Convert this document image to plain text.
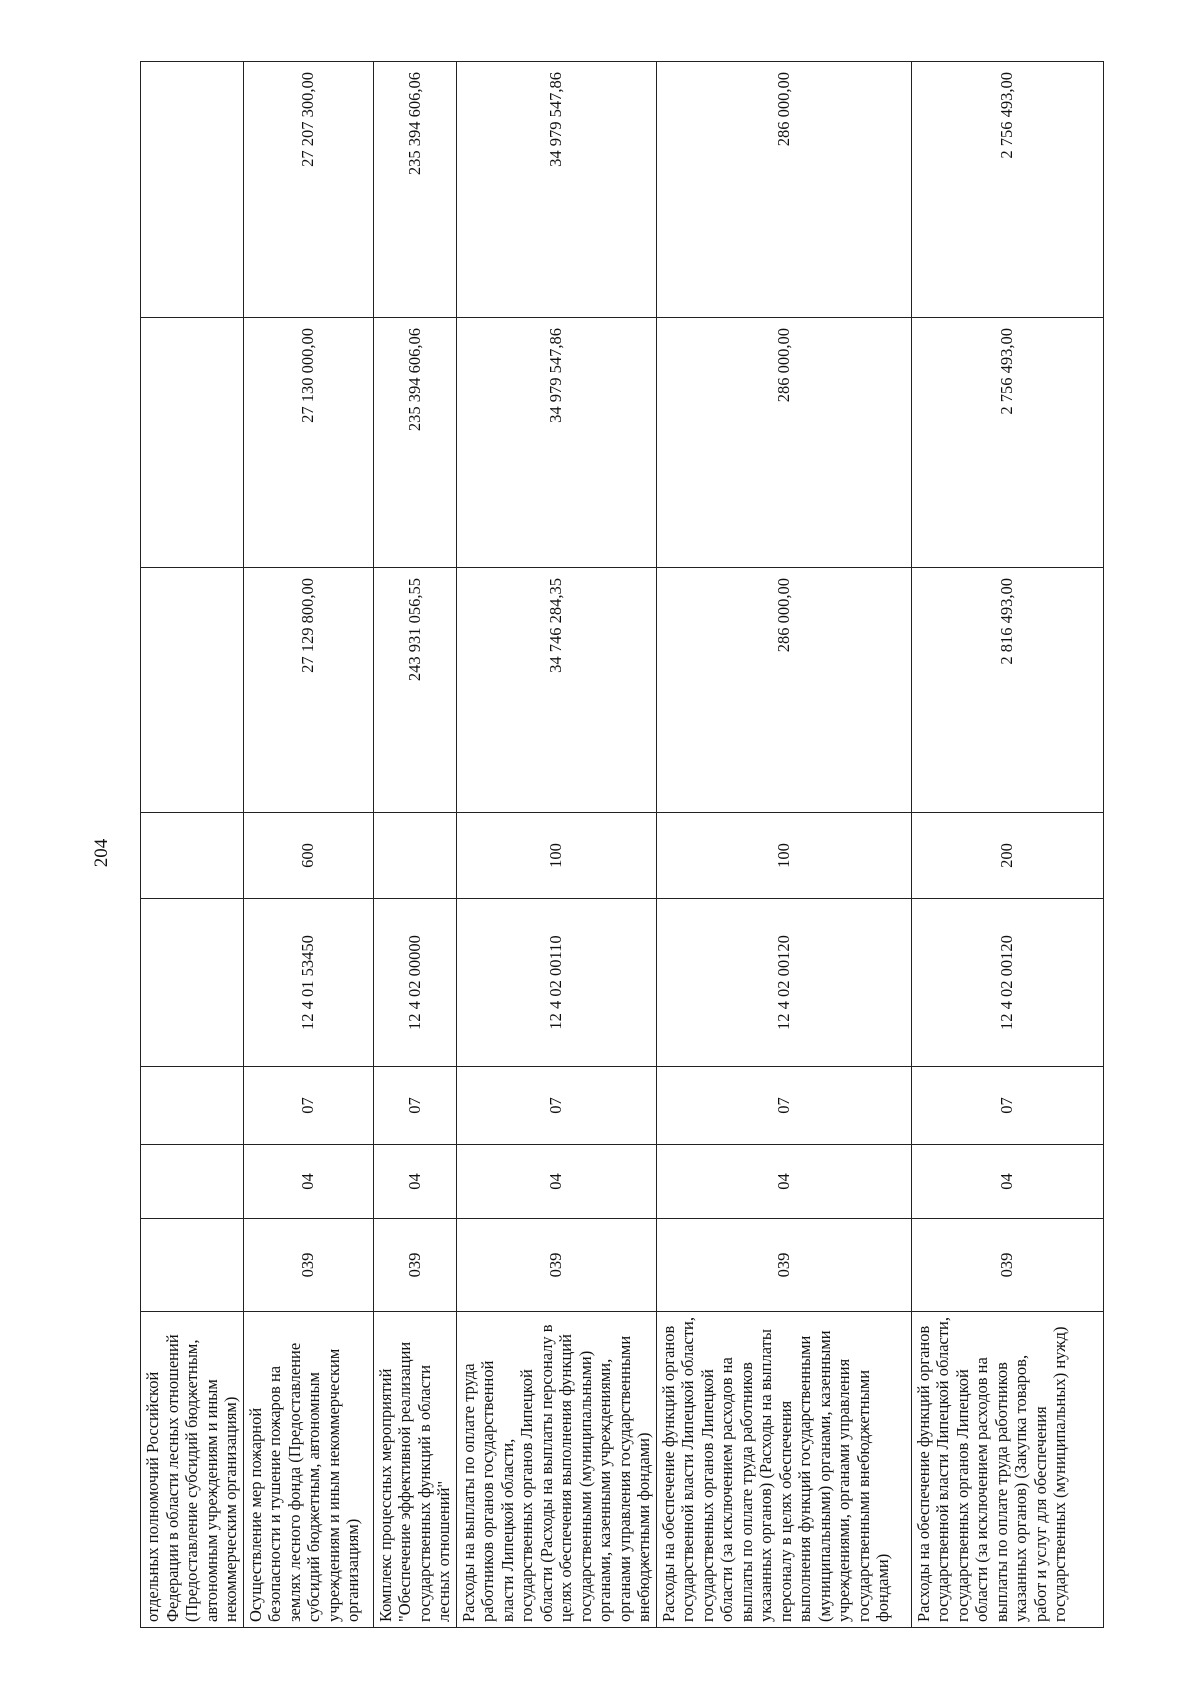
204
отдельных полномочий Российской Федерации в области лесных отношений (Предоставление субсидий бюджетным, автономным учреждениям и иным некоммерческим организациям)								
Осуществление мер пожарной безопасности и тушение пожаров на землях лесного фонда (Предоставление субсидий бюджетным, автономным учреждениям и иным некоммерческим организациям)	039	04	07	12 4 01 53450	600	27 129 800,00	27 130 000,00	27 207 300,00
Комплекс процессных мероприятий "Обеспечение эффективной реализации государственных функций в области лесных отношений"	039	04	07	12 4 02 00000		243 931 056,55	235 394 606,06	235 394 606,06
Расходы на выплаты по оплате труда работников органов государственной власти Липецкой области, государственных органов Липецкой области (Расходы на выплаты персоналу в целях обеспечения выполнения функций государственными (муниципальными) органами, казенными учреждениями, органами управления государственными внебюджетными фондами)	039	04	07	12 4 02 00110	100	34 746 284,35	34 979 547,86	34 979 547,86
Расходы на обеспечение функций органов государственной власти Липецкой области, государственных органов Липецкой области (за исключением расходов на выплаты по оплате труда работников указанных органов) (Расходы на выплаты персоналу в целях обеспечения выполнения функций государственными (муниципальными) органами, казенными учреждениями, органами управления государственными внебюджетными фондами)	039	04	07	12 4 02 00120	100	286 000,00	286 000,00	286 000,00
Расходы на обеспечение функций органов государственной власти Липецкой области, государственных органов Липецкой области (за исключением расходов на выплаты по оплате труда работников указанных органов) (Закупка товаров, работ и услуг для обеспечения государственных (муниципальных) нужд)	039	04	07	12 4 02 00120	200	2 816 493,00	2 756 493,00	2 756 493,00
